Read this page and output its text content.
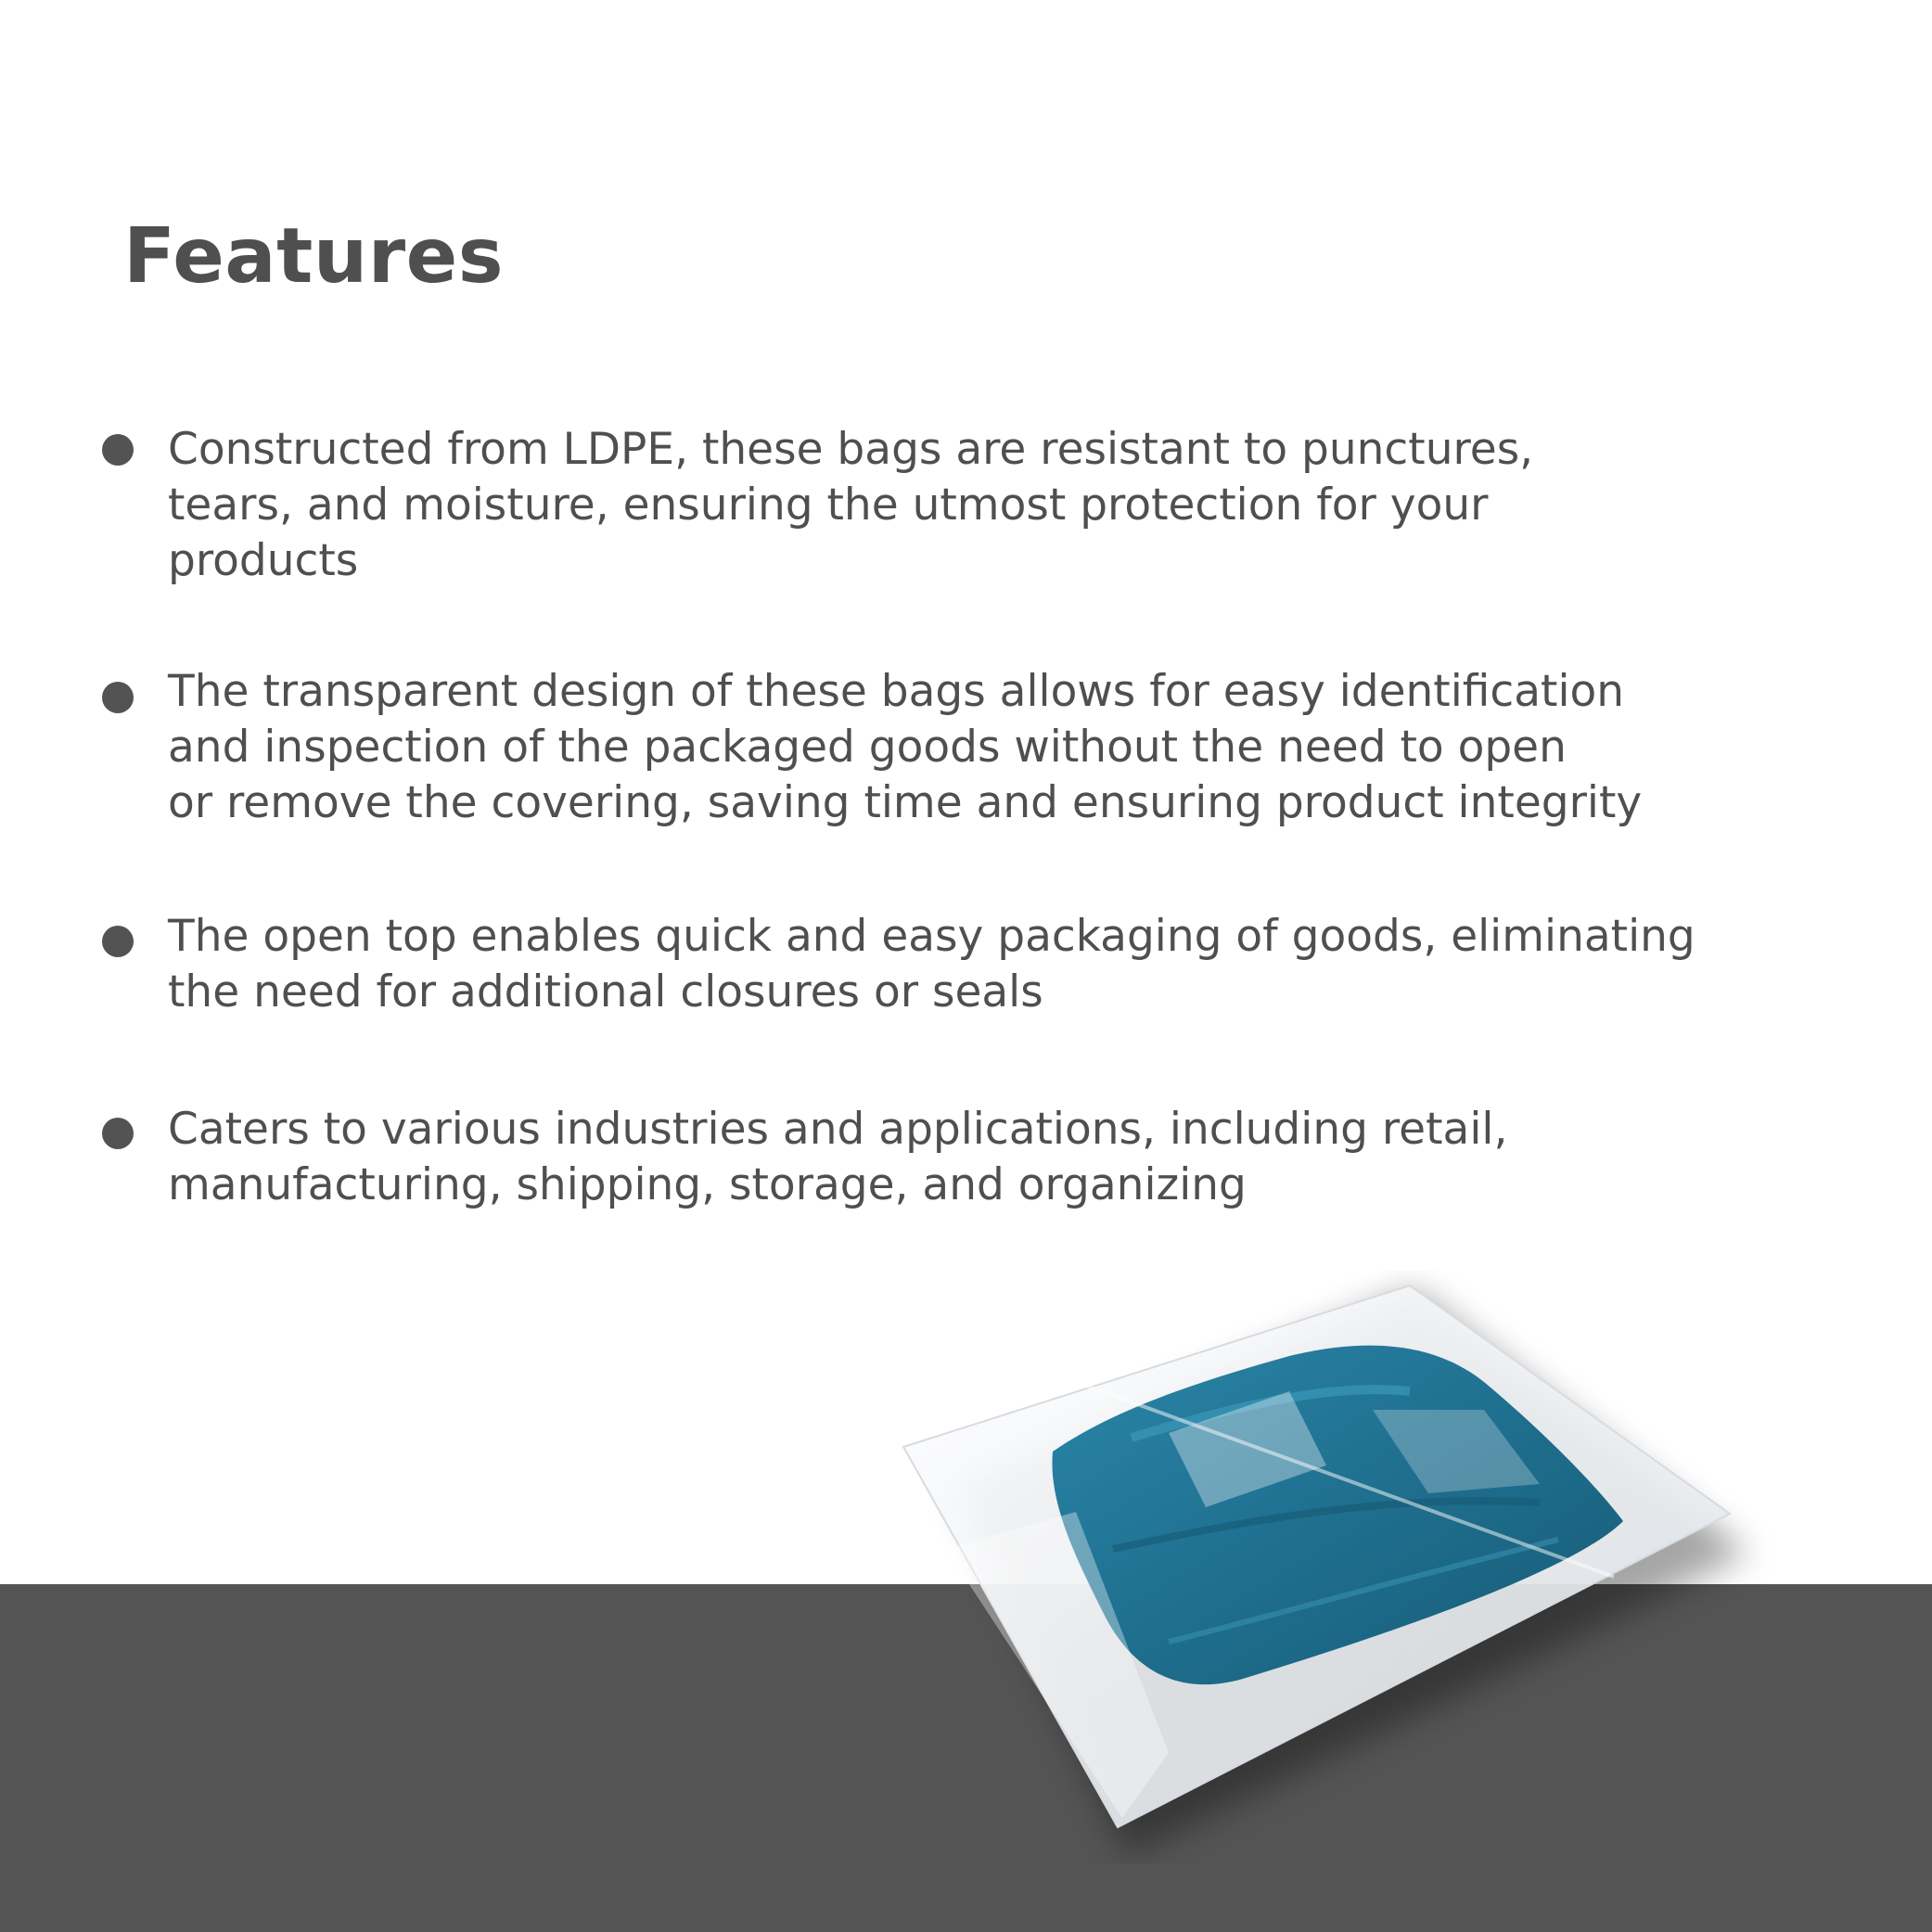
Features
Constructed from LDPE, these bags are resistant to punctures,
tears, and moisture, ensuring the utmost protection for your
products
The transparent design of these bags allows for easy identification
and inspection of the packaged goods without the need to open
or remove the covering, saving time and ensuring product integrity
The open top enables quick and easy packaging of goods, eliminating
the need for additional closures or seals
Caters to various industries and applications, including retail,
manufacturing, shipping, storage, and organizing
